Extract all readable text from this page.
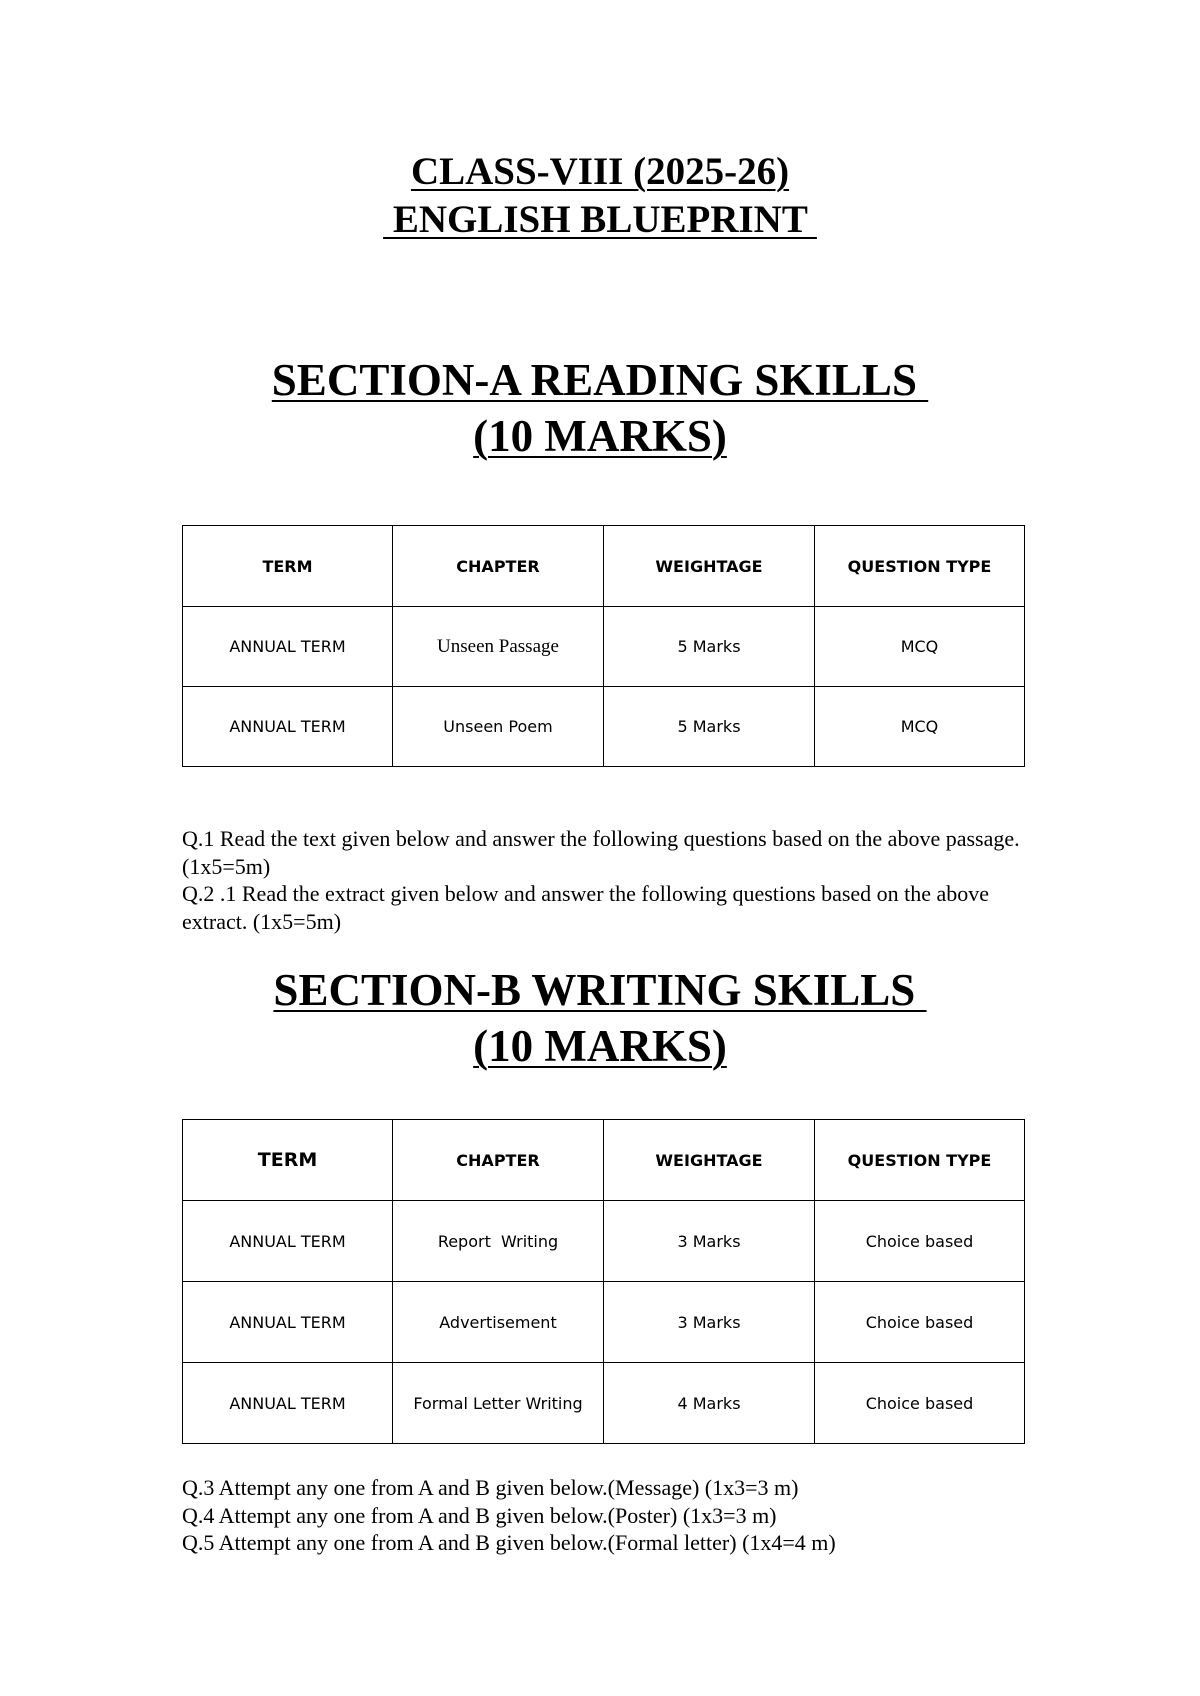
CLASS-VIII (2025-26)
ENGLISH BLUEPRINT
SECTION-A READING SKILLS
(10 MARKS)
TERM	CHAPTER	WEIGHTAGE	QUESTION TYPE
ANNUAL TERM	Unseen Passage	5 Marks	MCQ
ANNUAL TERM	Unseen Poem	5 Marks	MCQ

Q.1 Read the text given below and answer the following questions based on the above passage. (1x5=5m)

Q.2 .1 Read the extract given below and answer the following questions based on the above extract. (1x5=5m)

SECTION-B WRITING SKILLS
(10 MARKS)
TERM	CHAPTER	WEIGHTAGE	QUESTION TYPE
ANNUAL TERM	Report  Writing	3 Marks	Choice based
ANNUAL TERM	Advertisement	3 Marks	Choice based
ANNUAL TERM	Formal Letter Writing	4 Marks	Choice based

Q.3 Attempt any one from A and B given below.(Message) (1x3=3 m)

Q.4 Attempt any one from A and B given below.(Poster) (1x3=3 m)

Q.5 Attempt any one from A and B given below.(Formal letter) (1x4=4 m)
